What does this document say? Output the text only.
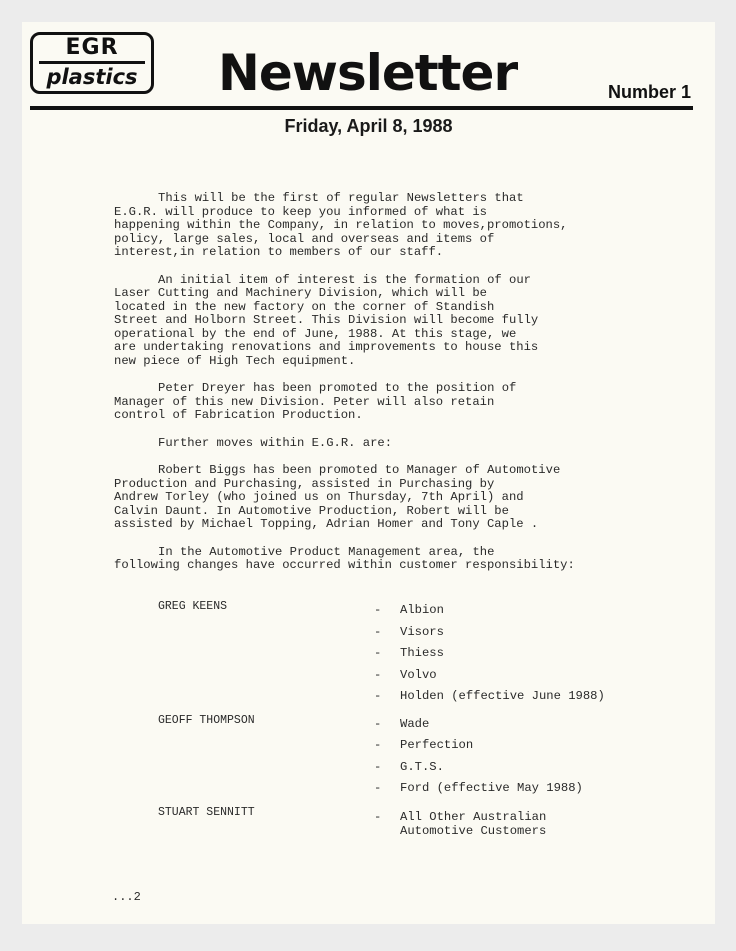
EGR
plastics Newsletter	Number 1
Friday, April 8, 1988

This will be the first of regular Newsletters that
E.G.R. will produce to keep you informed of what is
happening within the Company, in relation to moves,promotions,
policy, large sales, local and overseas and items of
interest,in relation to members of our staff.

An initial item of interest is the formation of our
Laser Cutting and Machinery Division, which will be
located in the new factory on the corner of Standish
Street and Holborn Street. This Division will become fully
operational by the end of June, 1988. At this stage, we
are undertaking renovations and improvements to house this
new piece of High Tech equipment.

Peter Dreyer has been promoted to the position of
Manager of this new Division. Peter will also retain
control of Fabrication Production.

Further moves within E.G.R. are:

Robert Biggs has been promoted to Manager of Automotive
Production and Purchasing, assisted in Purchasing by
Andrew Torley (who joined us on Thursday, 7th April) and
Calvin Daunt. In Automotive Production, Robert will be
assisted by Michael Topping, Adrian Homer and Tony Caple .

In the Automotive Product Management area, the
following changes have occurred within customer responsibility:

GREG KEENS	- Albion
- Visors
- Thiess
- Volvo
- Holden (effective June 1988)
GEOFF THOMPSON	- Wade
- Perfection
- G.T.S.
- Ford (effective May 1988)
STUART SENNITT	- All Other Australian
Automotive Customers
...2
